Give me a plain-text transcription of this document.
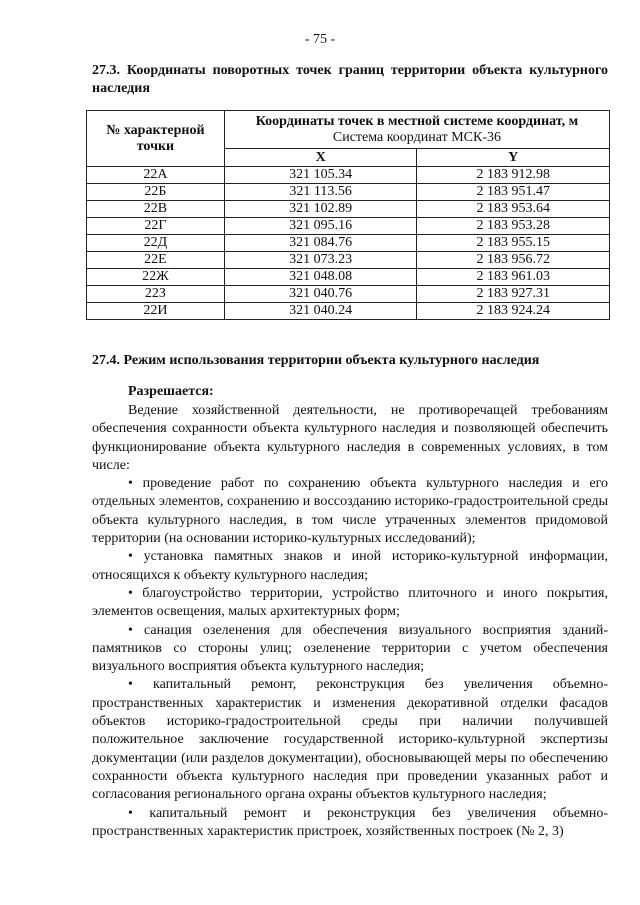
- 75 -
27.3. Координаты поворотных точек границ территории объекта культурного наследия
№ характерной точки	Координаты точек в местной системе координат, м
Система координат МСК-36	
	X	Y
22А	321 105.34	2 183 912.98
22Б	321 113.56	2 183 951.47
22В	321 102.89	2 183 953.64
22Г	321 095.16	2 183 953.28
22Д	321 084.76	2 183 955.15
22Е	321 073.23	2 183 956.72
22Ж	321 048.08	2 183 961.03
22З	321 040.76	2 183 927.31
22И	321 040.24	2 183 924.24
27.4. Режим использования территории объекта культурного наследия
Разрешается:

Ведение хозяйственной деятельности, не противоречащей требованиям обеспечения сохранности объекта культурного наследия и позволяющей обеспечить функционирование объекта культурного наследия в современных условиях, в том числе:

• проведение работ по сохранению объекта культурного наследия и его отдельных элементов, сохранению и воссозданию историко-градостроительной среды объекта культурного наследия, в том числе утраченных элементов придомовой территории (на основании историко-культурных исследований);

• установка памятных знаков и иной историко-культурной информации, относящихся к объекту культурного наследия;

• благоустройство территории, устройство плиточного и иного покрытия, элементов освещения, малых архитектурных форм;

• санация озеленения для обеспечения визуального восприятия зданий-памятников со стороны улиц; озеленение территории с учетом обеспечения визуального восприятия объекта культурного наследия;

• капитальный ремонт, реконструкция без увеличения объемно-пространственных характеристик и изменения декоративной отделки фасадов объектов историко-градостроительной среды при наличии получившей положительное заключение государственной историко-культурной экспертизы документации (или разделов документации), обосновывающей меры по обеспечению сохранности объекта культурного наследия при проведении указанных работ и согласования регионального органа охраны объектов культурного наследия;

• капитальный ремонт и реконструкция без увеличения объемно-пространственных характеристик пристроек, хозяйственных построек (№ 2, 3)
